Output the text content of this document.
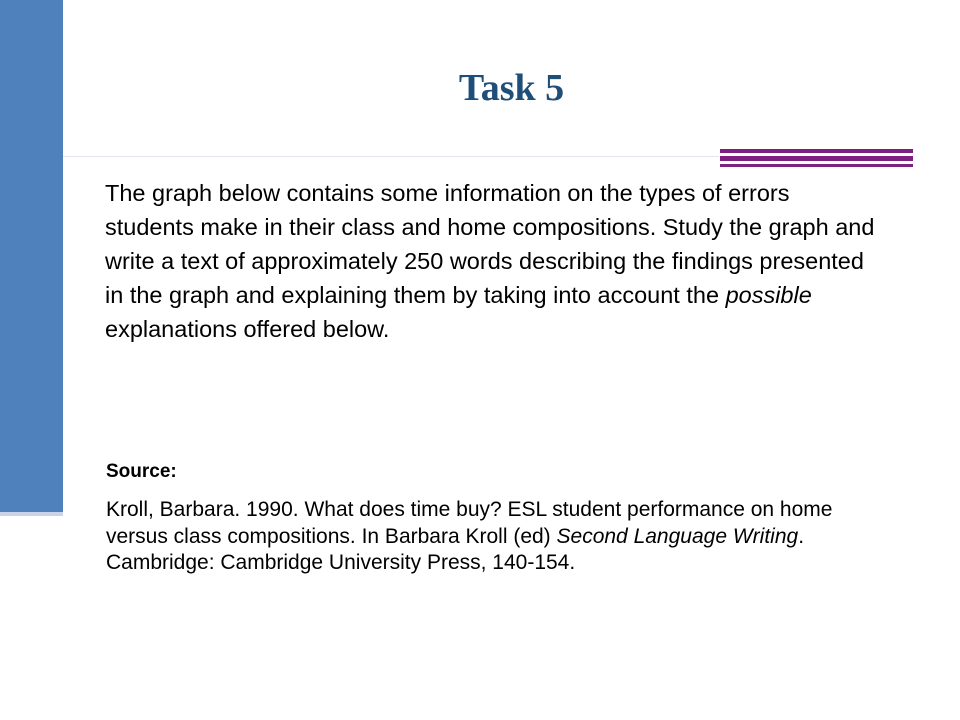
Task 5

The graph below contains some information on the types of errors students make in their class and home compositions. Study the graph and write a text of approximately 250 words describing the findings presented in the graph and explaining them by taking into account the possible explanations offered below.

Source:

Kroll, Barbara. 1990. What does time buy? ESL student performance on home versus class compositions. In Barbara Kroll (ed) Second Language Writing. Cambridge: Cambridge University Press, 140-154.
